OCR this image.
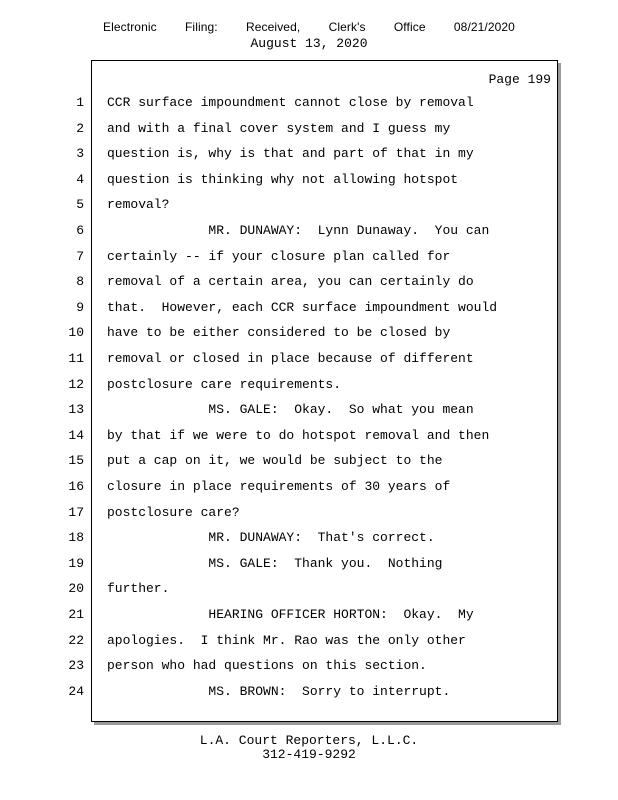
Electronic   Filing:   Received,   Clerk's   Office   08/21/2020
August 13, 2020
Page 199
1 CCR surface impoundment cannot close by removal
2 and with a final cover system and I guess my
3 question is, why is that and part of that in my
4 question is thinking why not allowing hotspot
5 removal?
6 MR. DUNAWAY:  Lynn Dunaway.  You can
7 certainly -- if your closure plan called for
8 removal of a certain area, you can certainly do
9 that.  However, each CCR surface impoundment would
10 have to be either considered to be closed by
11 removal or closed in place because of different
12 postclosure care requirements.
13 MS. GALE:  Okay.  So what you mean
14 by that if we were to do hotspot removal and then
15 put a cap on it, we would be subject to the
16 closure in place requirements of 30 years of
17 postclosure care?
18 MR. DUNAWAY:  That's correct.
19 MS. GALE:  Thank you.  Nothing
20 further.
21 HEARING OFFICER HORTON:  Okay.  My
22 apologies.  I think Mr. Rao was the only other
23 person who had questions on this section.
24 MS. BROWN:  Sorry to interrupt.
L.A. Court Reporters, L.L.C.
312-419-9292
